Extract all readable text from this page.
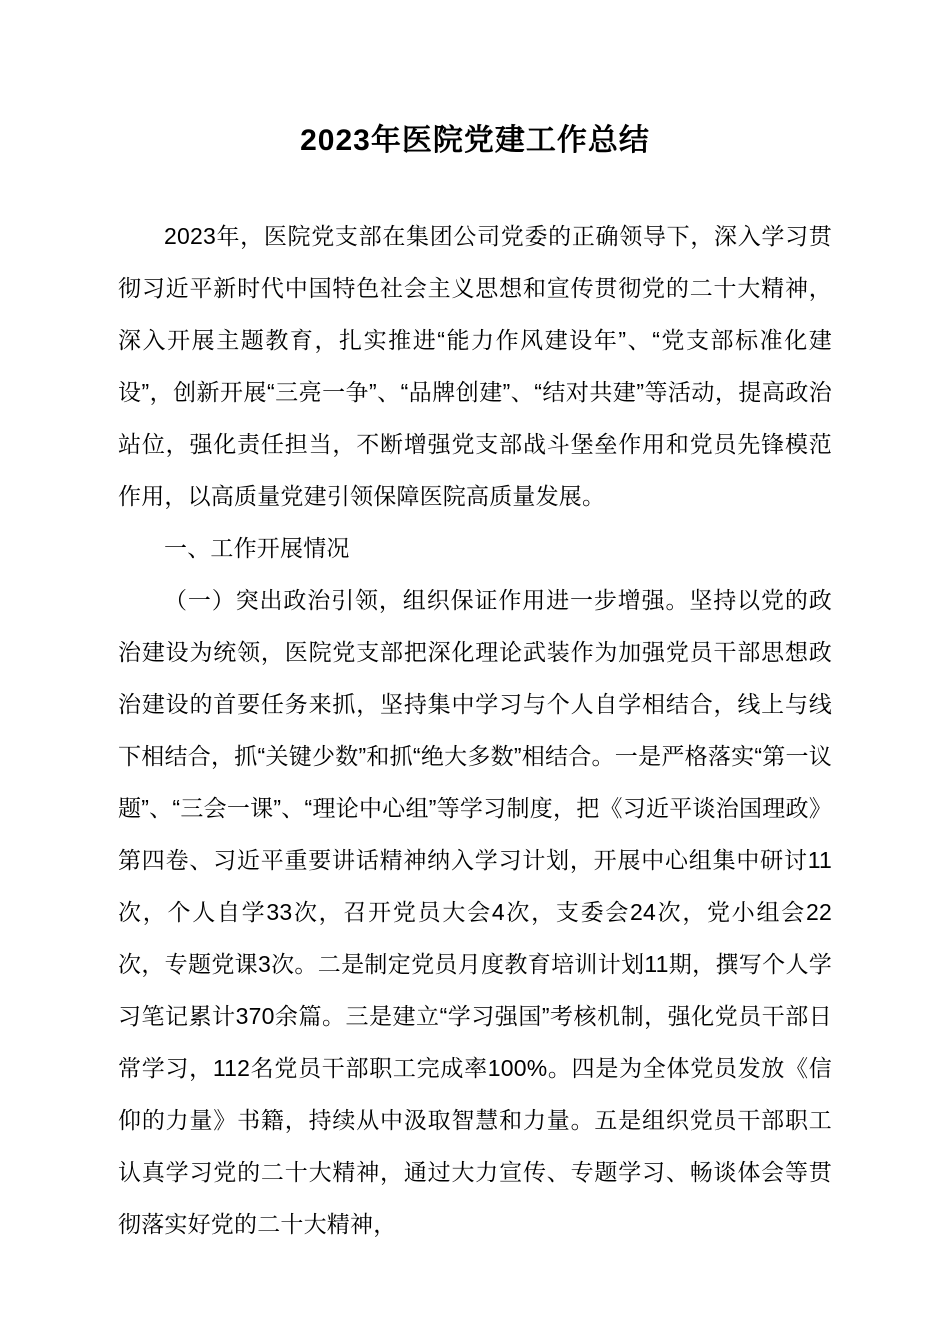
2023年医院党建工作总结

2023年，医院党支部在集团公司党委的正确领导下，深入学习贯彻习近平新时代中国特色社会主义思想和宣传贯彻党的二十大精神，深入开展主题教育，扎实推进“能力作风建设年”、“党支部标准化建设”，创新开展“三亮一争”、“品牌创建”、“结对共建”等活动，提高政治站位，强化责任担当，不断增强党支部战斗堡垒作用和党员先锋模范作用，以高质量党建引领保障医院高质量发展。

一、工作开展情况

（一）突出政治引领，组织保证作用进一步增强。坚持以党的政治建设为统领，医院党支部把深化理论武装作为加强党员干部思想政治建设的首要任务来抓，坚持集中学习与个人自学相结合，线上与线下相结合，抓“关键少数”和抓“绝大多数”相结合。一是严格落实“第一议题”、“三会一课”、“理论中心组”等学习制度，把《习近平谈治国理政》第四卷、习近平重要讲话精神纳入学习计划，开展中心组集中研讨11次，个人自学33次，召开党员大会4次，支委会24次，党小组会22次，专题党课3次。二是制定党员月度教育培训计划11期，撰写个人学习笔记累计370余篇。三是建立“学习强国”考核机制，强化党员干部日常学习，112名党员干部职工完成率100%。四是为全体党员发放《信仰的力量》书籍，持续从中汲取智慧和力量。五是组织党员干部职工认真学习党的二十大精神，通过大力宣传、专题学习、畅谈体会等贯彻落实好党的二十大精神，
